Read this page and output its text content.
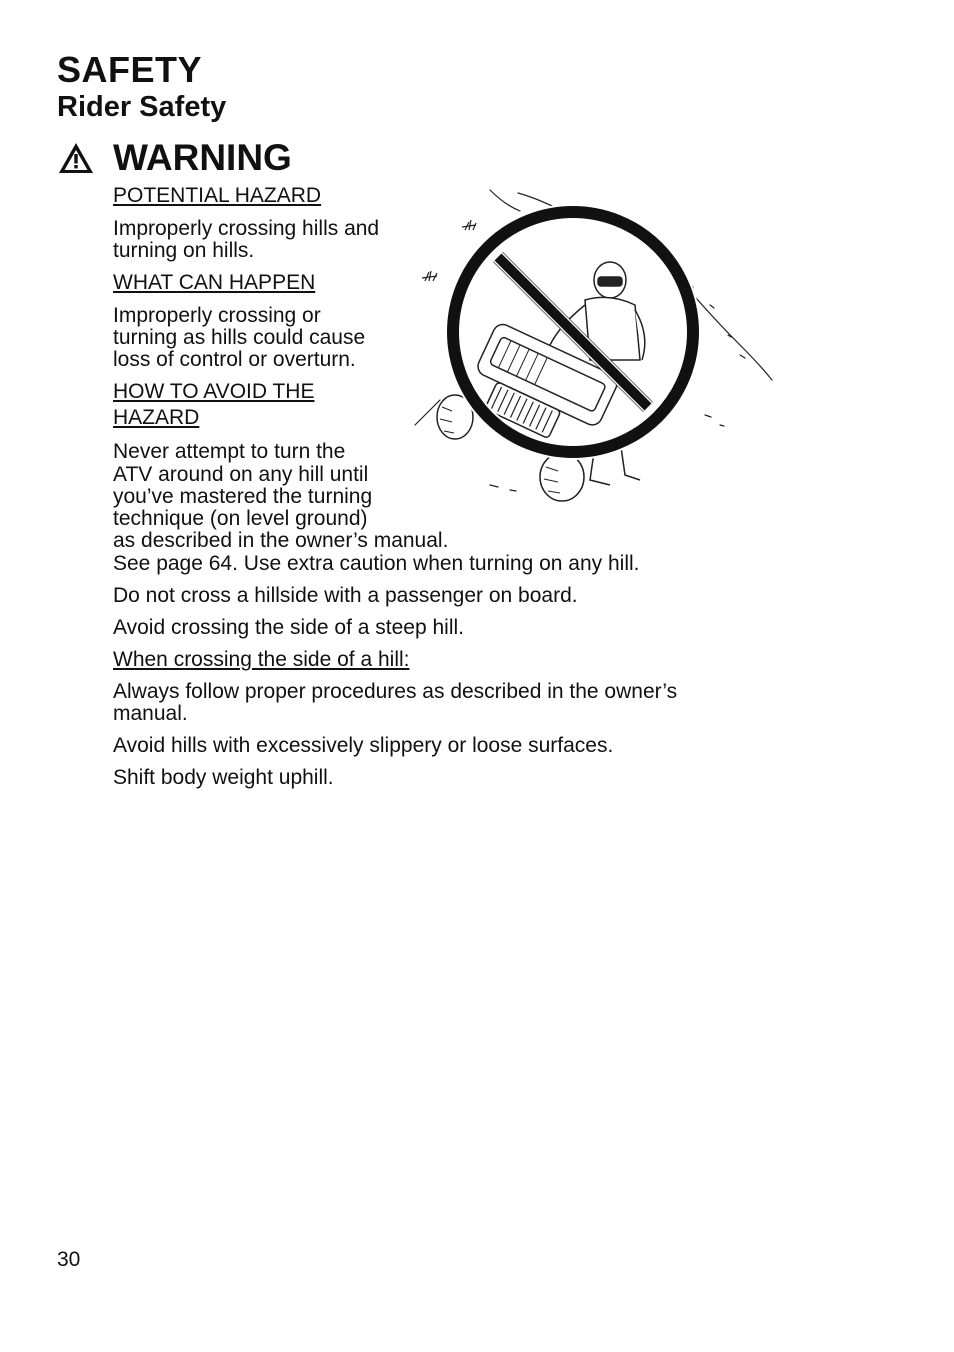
SAFETY
Rider Safety
WARNING

POTENTIAL HAZARD

Improperly crossing hills and

turning on hills.

WHAT CAN HAPPEN

Improperly crossing or

turning as hills could cause

loss of control or overturn.

HOW TO AVOID THE

HAZARD

Never attempt to turn the

ATV around on any hill until

you’ve mastered the turning

technique (on level ground)

as described in the owner’s manual.

See page 64. Use extra caution when turning on any hill.

Do not cross a hillside with a passenger on board.

Avoid crossing the side of a steep hill.

When crossing the side of a hill:

Always follow proper procedures as described in the owner’s

manual.

Avoid hills with excessively slippery or loose surfaces.

Shift body weight uphill.

30
